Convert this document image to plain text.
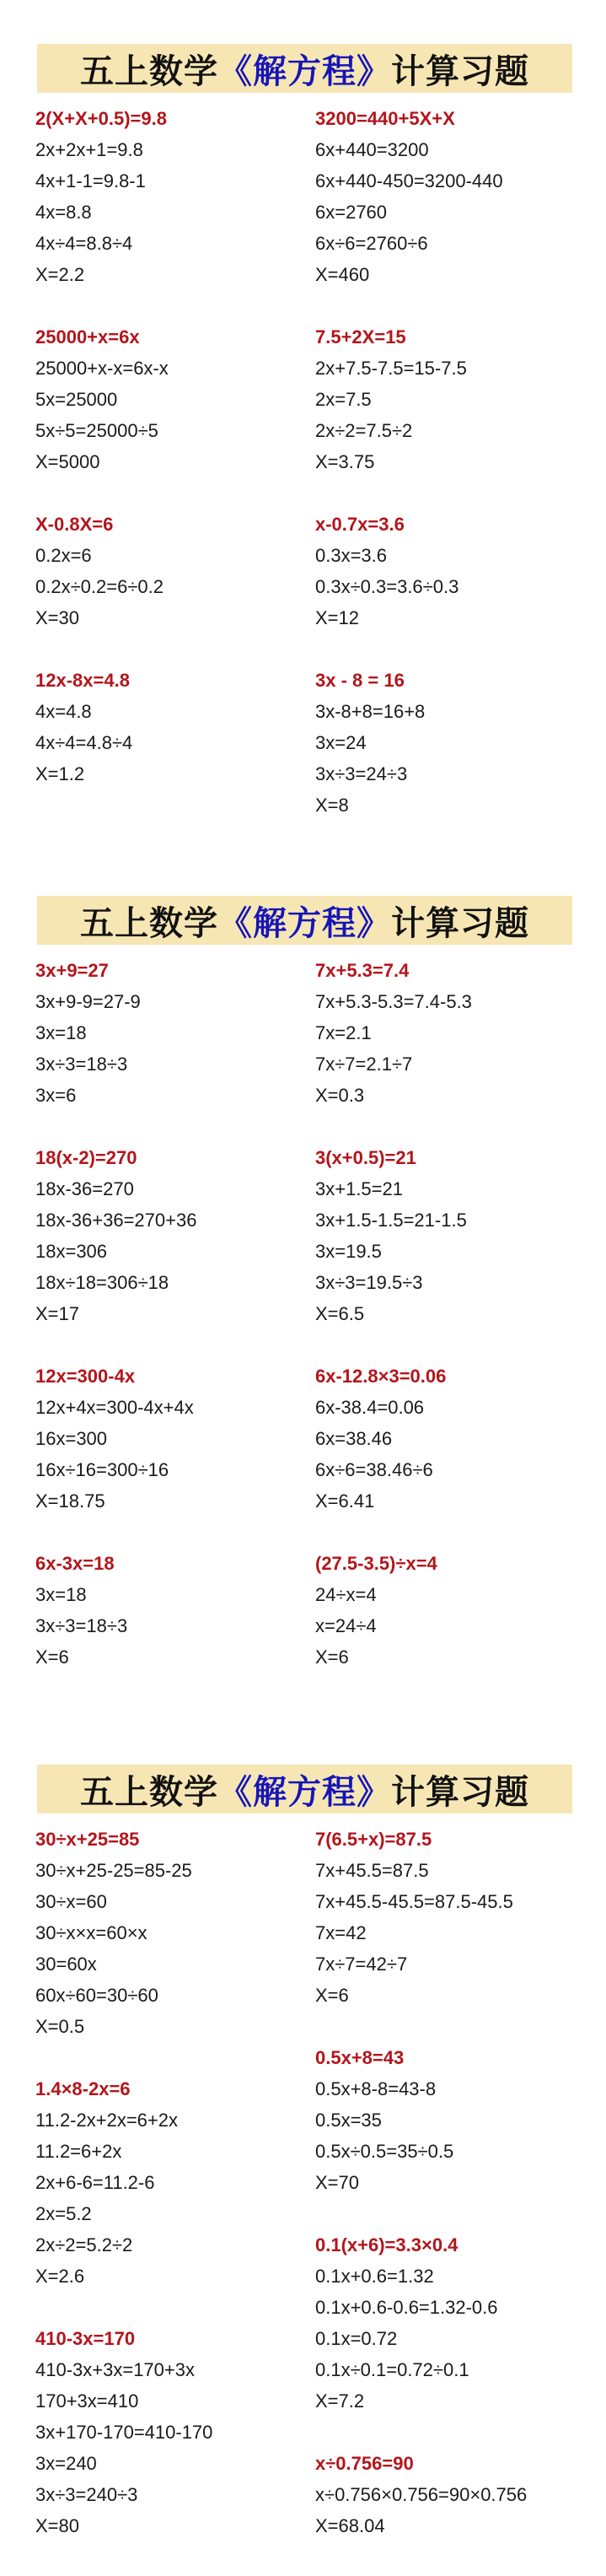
五上数学 《解方程》 计算习题
2(X+X+0.5)=9.8
2x+2x+1=9.8
4x+1-1=9.8-1
4x=8.8
4x÷4=8.8÷4
X=2.2
25000+x=6x
25000+x-x=6x-x
5x=25000
5x÷5=25000÷5
X=5000
X-0.8X=6
0.2x=6
0.2x÷0.2=6÷0.2
X=30
12x-8x=4.8
4x=4.8
4x÷4=4.8÷4
X=1.2
3200=440+5X+X
6x+440=3200
6x+440-450=3200-440
6x=2760
6x÷6=2760÷6
X=460
7.5+2X=15
2x+7.5-7.5=15-7.5
2x=7.5
2x÷2=7.5÷2
X=3.75
x-0.7x=3.6
0.3x=3.6
0.3x÷0.3=3.6÷0.3
X=12
3x - 8 = 16
3x-8+8=16+8
3x=24
3x÷3=24÷3
X=8
五上数学 《解方程》 计算习题
3x+9=27
3x+9-9=27-9
3x=18
3x÷3=18÷3
3x=6
18(x-2)=270
18x-36=270
18x-36+36=270+36
18x=306
18x÷18=306÷18
X=17
12x=300-4x
12x+4x=300-4x+4x
16x=300
16x÷16=300÷16
X=18.75
6x-3x=18
3x=18
3x÷3=18÷3
X=6
7x+5.3=7.4
7x+5.3-5.3=7.4-5.3
7x=2.1
7x÷7=2.1÷7
X=0.3
3(x+0.5)=21
3x+1.5=21
3x+1.5-1.5=21-1.5
3x=19.5
3x÷3=19.5÷3
X=6.5
6x-12.8×3=0.06
6x-38.4=0.06
6x=38.46
6x÷6=38.46÷6
X=6.41
(27.5-3.5)÷x=4
24÷x=4
x=24÷4
X=6
五上数学 《解方程》 计算习题
30÷x+25=85
30÷x+25-25=85-25
30÷x=60
30÷x×x=60×x
30=60x
60x÷60=30÷60
X=0.5
1.4×8-2x=6
11.2-2x+2x=6+2x
11.2=6+2x
2x+6-6=11.2-6
2x=5.2
2x÷2=5.2÷2
X=2.6
410-3x=170
410-3x+3x=170+3x
170+3x=410
3x+170-170=410-170
3x=240
3x÷3=240÷3
X=80
7(6.5+x)=87.5
7x+45.5=87.5
7x+45.5-45.5=87.5-45.5
7x=42
7x÷7=42÷7
X=6
0.5x+8=43
0.5x+8-8=43-8
0.5x=35
0.5x÷0.5=35÷0.5
X=70
0.1(x+6)=3.3×0.4
0.1x+0.6=1.32
0.1x+0.6-0.6=1.32-0.6
0.1x=0.72
0.1x÷0.1=0.72÷0.1
X=7.2
x÷0.756=90
x÷0.756×0.756=90×0.756
X=68.04
